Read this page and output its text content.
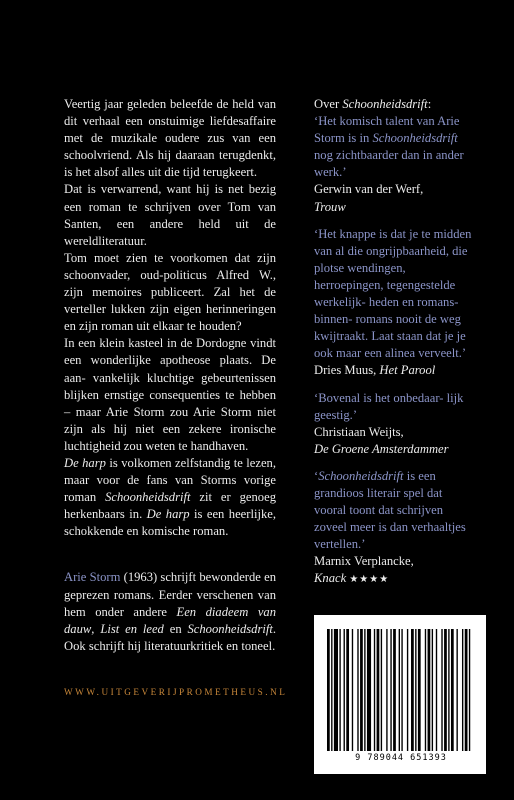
Veertig jaar geleden beleefde de held van dit verhaal een onstuimige liefdesaffaire met de muzikale oudere zus van een schoolvriend. Als hij daaraan terugdenkt, is het alsof alles uit die tijd terugkeert.

Dat is verwarrend, want hij is net bezig een roman te schrijven over Tom van Santen, een andere held uit de wereldliteratuur.

Tom moet zien te voorkomen dat zijn schoonvader, oud-politicus Alfred W., zijn memoires publiceert. Zal het de verteller lukken zijn eigen herinneringen en zijn roman uit elkaar te houden?

In een klein kasteel in de Dordogne vindt een wonderlijke apotheose plaats. De aan- vankelijk kluchtige gebeurtenissen blijken ernstige consequenties te hebben – maar Arie Storm zou Arie Storm niet zijn als hij niet een zekere ironische luchtigheid zou weten te handhaven.

De harp is volkomen zelfstandig te lezen, maar voor de fans van Storms vorige roman Schoonheidsdrift zit er genoeg herkenbaars in. De harp is een heerlijke, schokkende en komische roman.

Arie Storm (1963) schrijft bewonderde en geprezen romans. Eerder verschenen van hem onder andere Een diadeem van dauw, List en leed en Schoonheidsdrift. Ook schrijft hij literatuurkritiek en toneel.

WWW.UITGEVERIJPROMETHEUS.NL

Over Schoonheidsdrift:

‘Het komisch talent van Arie Storm is in Schoonheidsdrift nog zichtbaarder dan in ander werk.’

Gerwin van der Werf,

Trouw

‘Het knappe is dat je te midden van al die ongrijpbaarheid, die plotse wendingen, herroepingen, tegengestelde werkelijk- heden en romans-binnen- romans nooit de weg kwijtraakt. Laat staan dat je je ook maar een alinea verveelt.’

Dries Muus, Het Parool

‘Bovenal is het onbedaar- lijk geestig.’

Christiaan Weijts,

De Groene Amsterdammer

‘Schoonheidsdrift is een grandioos literair spel dat vooral toont dat schrijven zoveel meer is dan verhaaltjes vertellen.’

Marnix Verplancke,

Knack ★★★★

9 789044 651393
